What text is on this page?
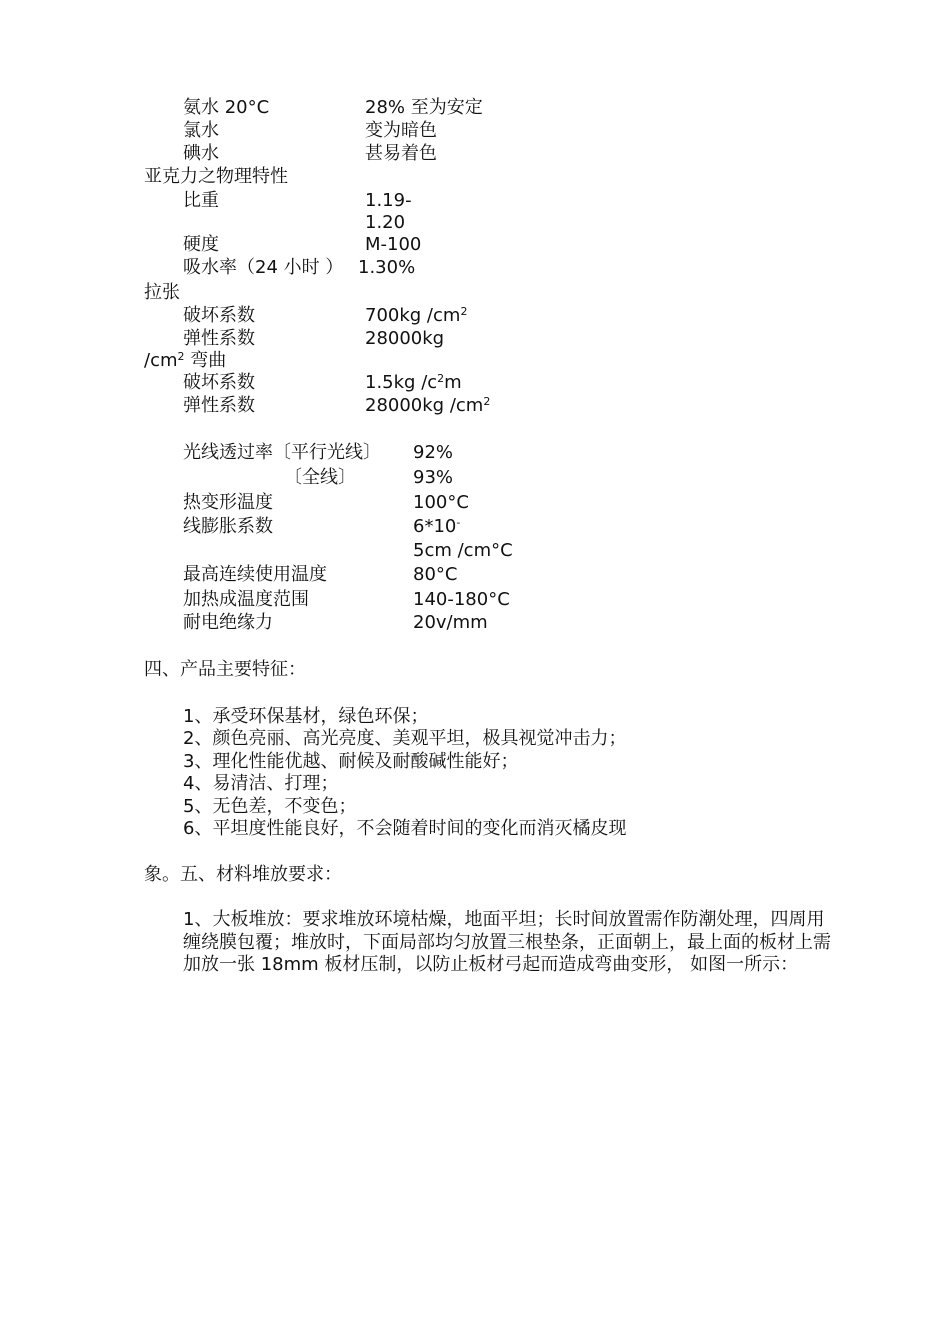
氨水 20°C	28% 至为安定
氯水	变为暗色
碘水	甚易着色
亚克力之物理特性
比重	1.19-
1.20
硬度	M-100
吸水率（24 小时 ） 1.30%
拉张
破坏系数	700kg $/cm^2$
弹性系数	28000kg
$/cm^2$ 弯曲
破坏系数	1.5kg $/c^2m$
弹性系数	28000kg $/cm^2$
光线透过率〔平行光线〕 92%
〔全线〕	93%
热变形温度	100°C
线膨胀系数	6*10-
5cm /cm°C
最高连续使用温度	80°C
加热成温度范围	140-180°C
耐电绝缘力	20v/mm
四、产品主要特征：
1、承受环保基材，绿色环保；
2、颜色亮丽、高光亮度、美观平坦，极具视觉冲击力；
3、理化性能优越、耐候及耐酸碱性能好；
4、易清洁、打理；
5、无色差，不变色；
6、平坦度性能良好，不会随着时间的变化而消灭橘皮现
象。五、材料堆放要求：
1、大板堆放：要求堆放环境枯燥，地面平坦；长时间放置需作防潮处理，四周用缠绕膜包覆；堆放时，下面局部均匀放置三根垫条，正面朝上，最上面的板材上需加放一张 18mm 板材压制，以防止板材弓起而造成弯曲变形， 如图一所示：
